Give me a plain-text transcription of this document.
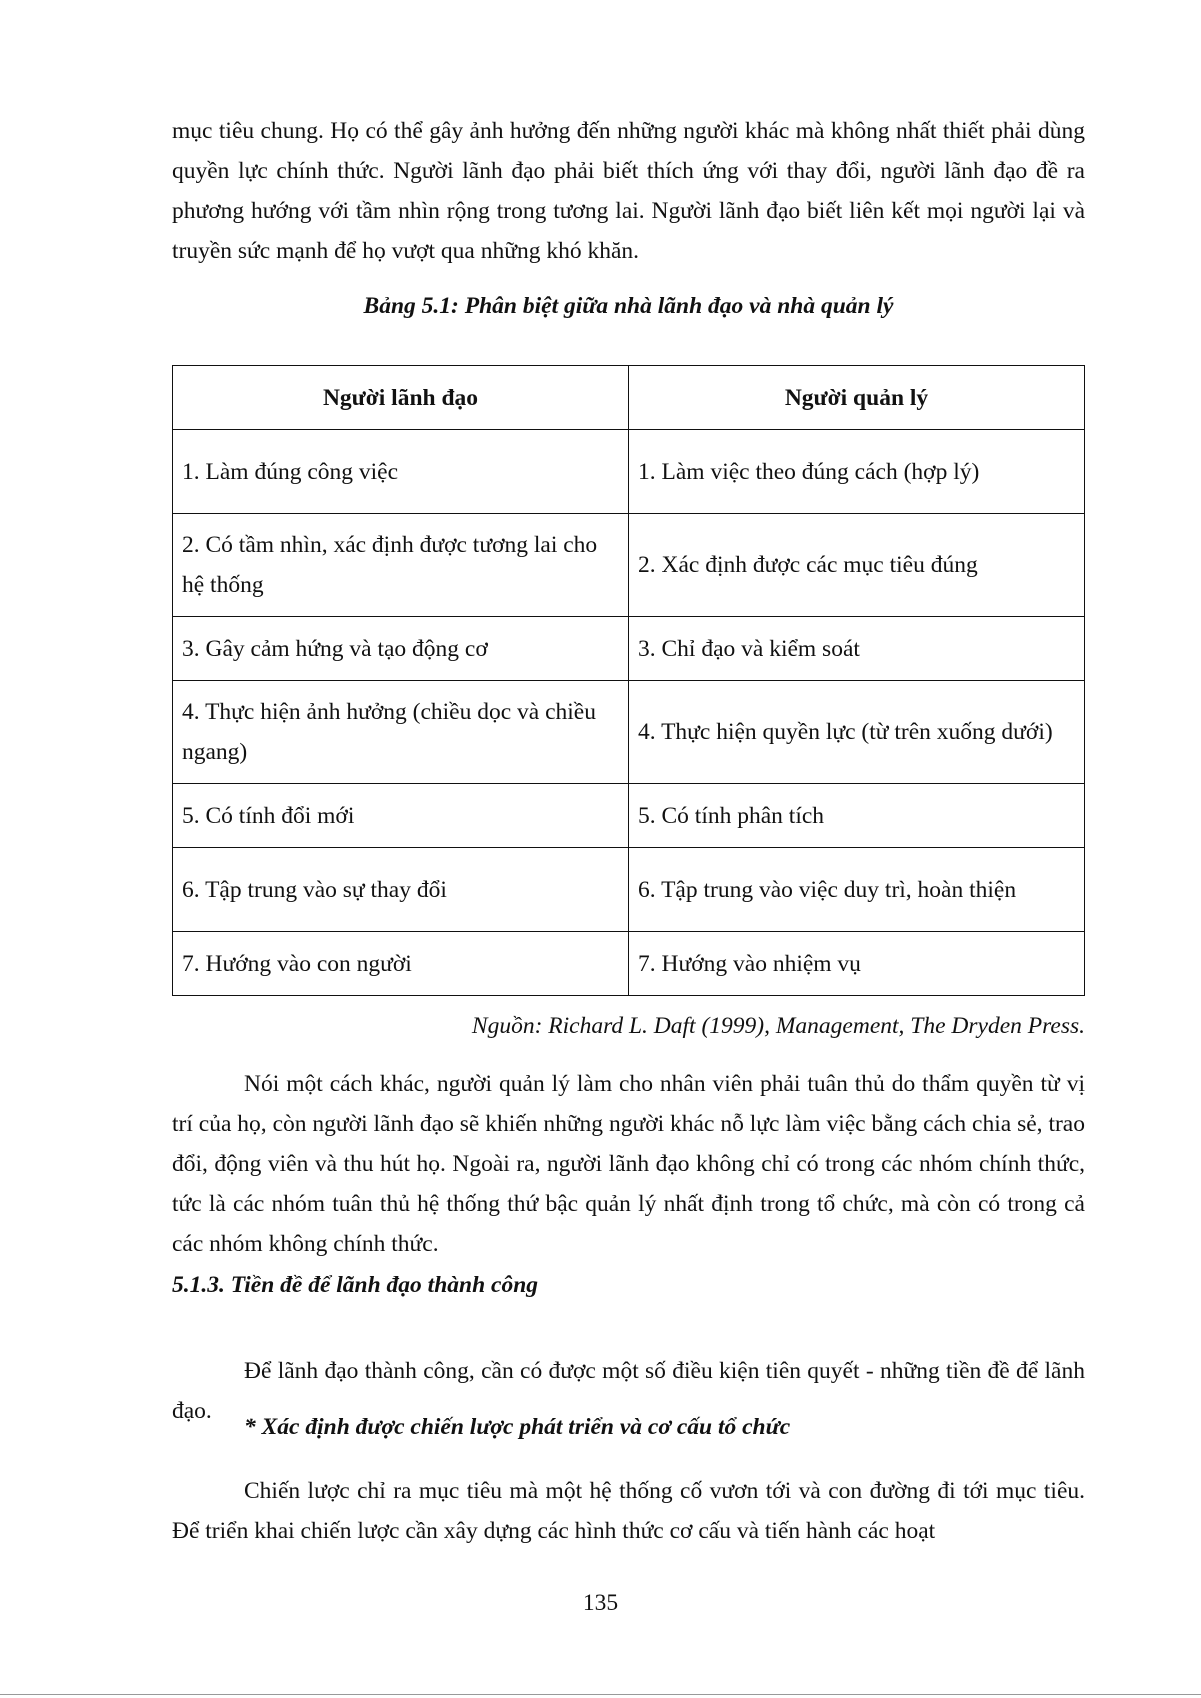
mục tiêu chung. Họ có thể gây ảnh hưởng đến những người khác mà không nhất thiết phải dùng quyền lực chính thức. Người lãnh đạo phải biết thích ứng với thay đổi, người lãnh đạo đề ra phương hướng với tầm nhìn rộng trong tương lai. Người lãnh đạo biết liên kết mọi người lại và truyền sức mạnh để họ vượt qua những khó khăn.

Bảng 5.1: Phân biệt giữa nhà lãnh đạo và nhà quản lý
Người lãnh đạo	Người quản lý
1. Làm đúng công việc	1. Làm việc theo đúng cách (hợp lý)
2. Có tầm nhìn, xác định được tương lai cho hệ thống	2. Xác định được các mục tiêu đúng
3. Gây cảm hứng và tạo động cơ	3. Chỉ đạo và kiểm soát
4. Thực hiện ảnh hưởng (chiều dọc và chiều ngang)	4. Thực hiện quyền lực (từ trên xuống dưới)
5. Có tính đổi mới	5. Có tính phân tích
6. Tập trung vào sự thay đổi	6. Tập trung vào việc duy trì, hoàn thiện
7. Hướng vào con người	7. Hướng vào nhiệm vụ
Nguồn: Richard L. Daft (1999), Management, The Dryden Press.

Nói một cách khác, người quản lý làm cho nhân viên phải tuân thủ do thẩm quyền từ vị trí của họ, còn người lãnh đạo sẽ khiến những người khác nỗ lực làm việc bằng cách chia sẻ, trao đổi, động viên và thu hút họ. Ngoài ra, người lãnh đạo không chỉ có trong các nhóm chính thức, tức là các nhóm tuân thủ hệ thống thứ bậc quản lý nhất định trong tổ chức, mà còn có trong cả các nhóm không chính thức.

5.1.3. Tiền đề để lãnh đạo thành công

Để lãnh đạo thành công, cần có được một số điều kiện tiên quyết - những tiền đề để lãnh đạo.

* Xác định được chiến lược phát triển và cơ cấu tổ chức

Chiến lược chỉ ra mục tiêu mà một hệ thống cố vươn tới và con đường đi tới mục tiêu. Để triển khai chiến lược cần xây dựng các hình thức cơ cấu và tiến hành các hoạt

135
